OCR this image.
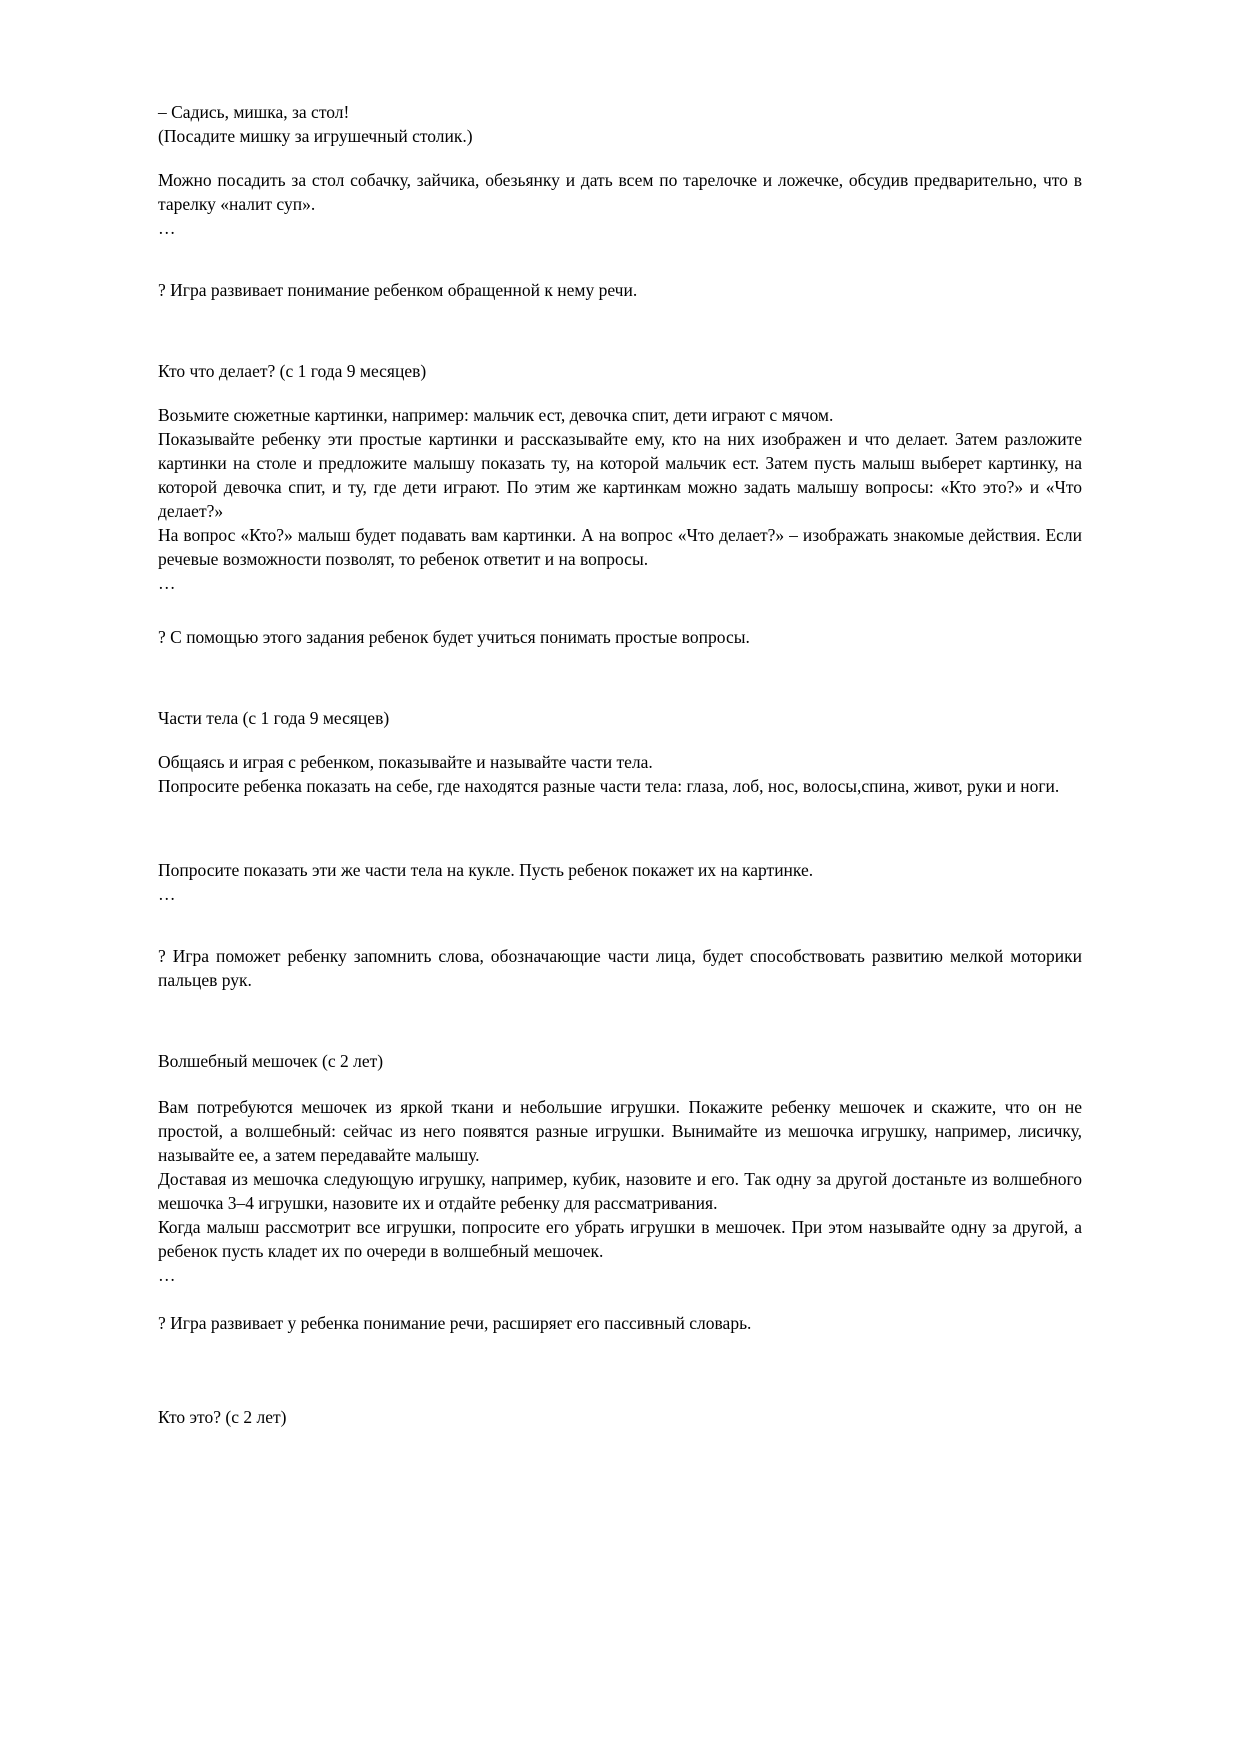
– Садись, мишка, за стол!

(Посадите мишку за игрушечный столик.)

Можно посадить за стол собачку, зайчика, обезьянку и дать всем по тарелочке и ложечке, обсудив предварительно, что в тарелку «налит суп».

…

? Игра развивает понимание ребенком обращенной к нему речи.

Кто что делает? (с 1 года 9 месяцев)

Возьмите сюжетные картинки, например: мальчик ест, девочка спит, дети играют с мячом.

Показывайте ребенку эти простые картинки и рассказывайте ему, кто на них изображен и что делает. Затем разложите картинки на столе и предложите малышу показать ту, на которой мальчик ест. Затем пусть малыш выберет картинку, на которой девочка спит, и ту, где дети играют. По этим же картинкам можно задать малышу вопросы: «Кто это?» и «Что делает?»

На вопрос «Кто?» малыш будет подавать вам картинки. А на вопрос «Что делает?» – изображать знакомые действия. Если речевые возможности позволят, то ребенок ответит и на вопросы.

…

? С помощью этого задания ребенок будет учиться понимать простые вопросы.

Части тела (с 1 года 9 месяцев)

Общаясь и играя с ребенком, показывайте и называйте части тела.

Попросите ребенка показать на себе, где находятся разные части тела: глаза, лоб, нос, волосы,спина, живот, руки и ноги.

Попросите показать эти же части тела на кукле. Пусть ребенок покажет их на картинке.

…

? Игра поможет ребенку запомнить слова, обозначающие части лица, будет способствовать развитию мелкой моторики пальцев рук.

Волшебный мешочек (с 2 лет)

Вам потребуются мешочек из яркой ткани и небольшие игрушки. Покажите ребенку мешочек и скажите, что он не простой, а волшебный: сейчас из него появятся разные игрушки. Вынимайте из мешочка игрушку, например, лисичку, называйте ее, а затем передавайте малышу.

Доставая из мешочка следующую игрушку, например, кубик, назовите и его. Так одну за другой достаньте из волшебного мешочка 3–4 игрушки, назовите их и отдайте ребенку для рассматривания.

Когда малыш рассмотрит все игрушки, попросите его убрать игрушки в мешочек. При этом называйте одну за другой, а ребенок пусть кладет их по очереди в волшебный мешочек.

…

? Игра развивает у ребенка понимание речи, расширяет его пассивный словарь.

Кто это? (с 2 лет)
